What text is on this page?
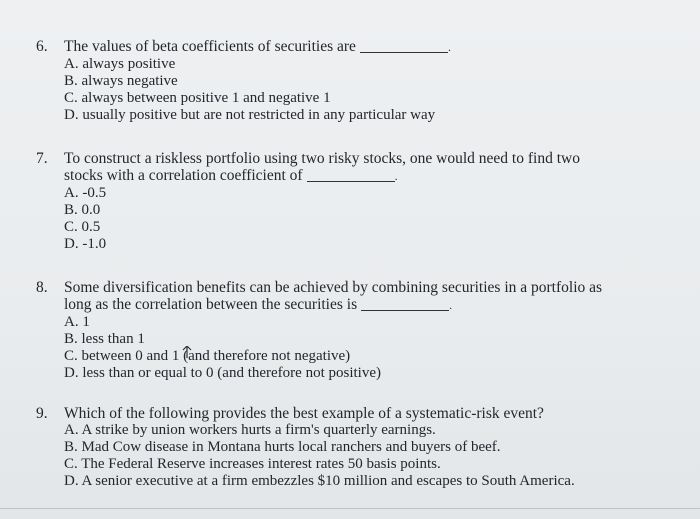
6. The values of beta coefficients of securities are	.
A. always positive
B. always negative
C. always between positive 1 and negative 1
D. usually positive but are not restricted in any particular way
7. To construct a riskless portfolio using two risky stocks, one would need to find two
stocks with a correlation coefficient of	.
A. -0.5
B. 0.0
C. 0.5
D. -1.0
8. Some diversification benefits can be achieved by combining securities in a portfolio as
long as the correlation between the securities is	.
A. 1
B. less than 1
C. between 0 and 1 (and therefore not negative)
D. less than or equal to 0 (and therefore not positive)
9. Which of the following provides the best example of a systematic-risk event?
A. A strike by union workers hurts a firm's quarterly earnings.
B. Mad Cow disease in Montana hurts local ranchers and buyers of beef.
C. The Federal Reserve increases interest rates 50 basis points.
D. A senior executive at a firm embezzles $10 million and escapes to South America.
